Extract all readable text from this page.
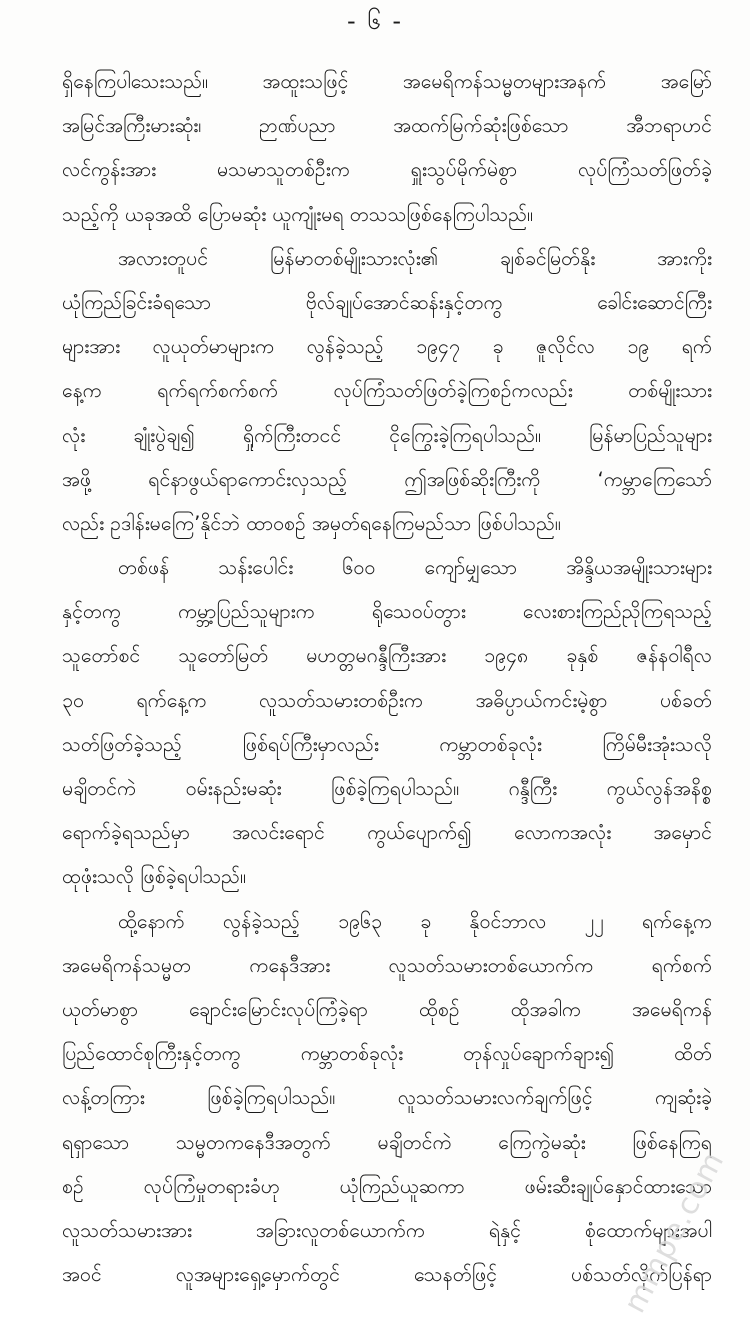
- ၆ -
ရှိနေကြပါသေးသည်။ အထူးသဖြင့် အမေရိကန်သမ္မတများအနက် အမြော်
အမြင်အကြီးမားဆုံး၊ ဉာဏ်ပညာ အထက်မြက်ဆုံးဖြစ်သော အီဘရာဟင်
လင်ကွန်းအား မသမာသူတစ်ဦးက ရှူးသွပ်မိုက်မဲစွာ လုပ်ကြံသတ်ဖြတ်ခဲ့
သည့်ကို ယခုအထိ ပြောမဆုံး ယူကျုံးမရ တသသဖြစ်နေကြပါသည်။
အလားတူပင် မြန်မာတစ်မျိုးသားလုံး၏ ချစ်ခင်မြတ်နိုး အားကိုး
ယုံကြည်ခြင်းခံရသော ဗိုလ်ချုပ်အောင်ဆန်းနှင့်တကွ ခေါင်းဆောင်ကြီး
များအား လူယုတ်မာများက လွန်ခဲ့သည့် ၁၉၄၇ ခု ဇူလိုင်လ ၁၉ ရက်
နေ့က ရက်ရက်စက်စက် လုပ်ကြံသတ်ဖြတ်ခဲ့ကြစဉ်ကလည်း တစ်မျိုးသား
လုံး ချုံးပွဲချ၍ ရှိုက်ကြီးတငင် ငိုကြွေးခဲ့ကြရပါသည်။ မြန်မာပြည်သူများ
အဖို့ ရင်နာဖွယ်ရာကောင်းလှသည့် ဤအဖြစ်ဆိုးကြီးကို ‘ကမ္ဘာကြေသော်
လည်း ဥဒါန်းမကြေ’နိုင်ဘဲ ထာဝစဉ် အမှတ်ရနေကြမည်သာ ဖြစ်ပါသည်။
တစ်ဖန် သန်းပေါင်း ၆၀၀ ကျော်မျှသော အိန္ဒိယအမျိုးသားများ
နှင့်တကွ ကမ္ဘာ့ပြည်သူများက ရိုသေဝပ်တွား လေးစားကြည်ညိုကြရသည့်
သူတော်စင် သူတော်မြတ် မဟတ္တမဂန္ဒီကြီးအား ၁၉၄၈ ခုနှစ် ဇန်နဝါရီလ
၃၀ ရက်နေ့က လူသတ်သမားတစ်ဦးက အဓိပ္ပာယ်ကင်းမဲ့စွာ ပစ်ခတ်
သတ်ဖြတ်ခဲ့သည့် ဖြစ်ရပ်ကြီးမှာလည်း ကမ္ဘာတစ်ခုလုံး ကြိမ်မီးအုံးသလို
မချိတင်ကဲ ဝမ်းနည်းမဆုံး ဖြစ်ခဲ့ကြရပါသည်။ ဂန္ဒီကြီး ကွယ်လွန်အနိစ္စ
ရောက်ခဲ့ရသည်မှာ အလင်းရောင် ကွယ်ပျောက်၍ လောကအလုံး အမှောင်
ထုဖုံးသလို ဖြစ်ခဲ့ရပါသည်။
ထို့နောက် လွန်ခဲ့သည့် ၁၉၆၃ ခု နိုဝင်ဘာလ ၂၂ ရက်နေ့က
အမေရိကန်သမ္မတ ကနေဒီအား လူသတ်သမားတစ်ယောက်က ရက်စက်
ယုတ်မာစွာ ချောင်းမြောင်းလုပ်ကြံခဲ့ရာ ထိုစဉ် ထိုအခါက အမေရိကန်
ပြည်ထောင်စုကြီးနှင့်တကွ ကမ္ဘာတစ်ခုလုံး တုန်လှုပ်ချောက်ချား၍ ထိတ်
လန့်တကြား ဖြစ်ခဲ့ကြရပါသည်။ လူသတ်သမားလက်ချက်ဖြင့် ကျဆုံးခဲ့
ရရှာသော သမ္မတကနေဒီအတွက် မချိတင်ကဲ ကြေကွဲမဆုံး ဖြစ်နေကြရ
စဉ် လုပ်ကြံမှုတရားခံဟု ယုံကြည်ယူဆကာ ဖမ်းဆီးချုပ်နှောင်ထားသော
လူသတ်သမားအား အခြားလူတစ်ယောက်က ရဲနှင့် စုံထောက်များအပါ
အဝင် လူအများရှေ့မှောက်တွင် သေနတ်ဖြင့် ပစ်သတ်လိုက်ပြန်ရာ
mmpe.com
